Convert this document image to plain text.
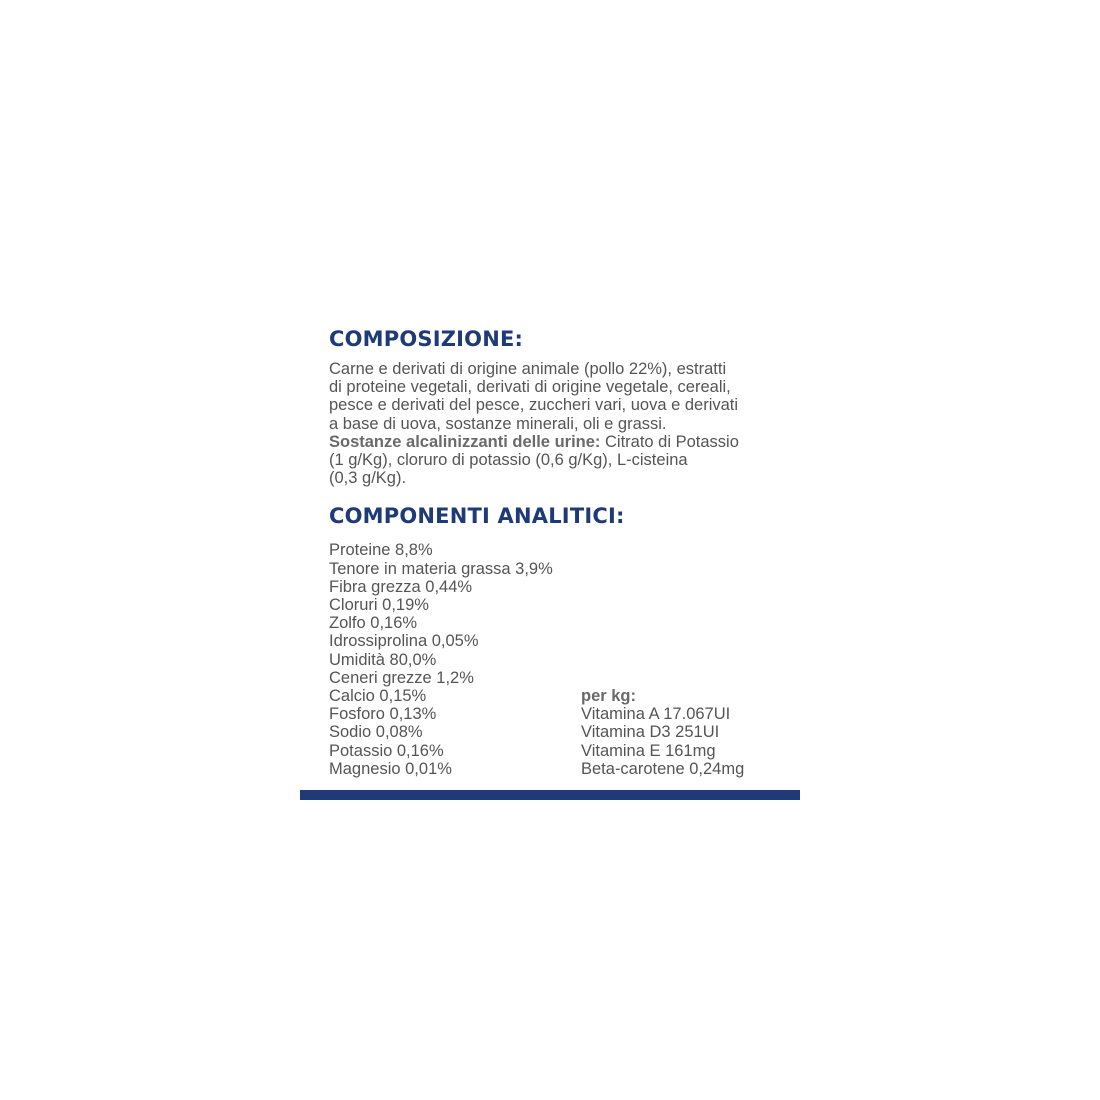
COMPOSIZIONE:

Carne e derivati di origine animale (pollo 22%), estratti

di proteine vegetali, derivati di origine vegetale, cereali,

pesce e derivati del pesce, zuccheri vari, uova e derivati

a base di uova, sostanze minerali, oli e grassi.

Sostanze alcalinizzanti delle urine: Citrato di Potassio

(1 g/Kg), cloruro di potassio (0,6 g/Kg), L-cisteina

(0,3 g/Kg).

COMPONENTI ANALITICI:
Proteine 8,8%
Tenore in materia grassa 3,9%
Fibra grezza 0,44%
Cloruri 0,19%
Zolfo 0,16%
Idrossiprolina 0,05%
Umidità 80,0%
Ceneri grezze 1,2%
Calcio 0,15%
Fosforo 0,13%
Sodio 0,08%
Potassio 0,16%
Magnesio 0,01%
per kg:
Vitamina A 17.067UI
Vitamina D3 251UI
Vitamina E 161mg
Beta-carotene 0,24mg
